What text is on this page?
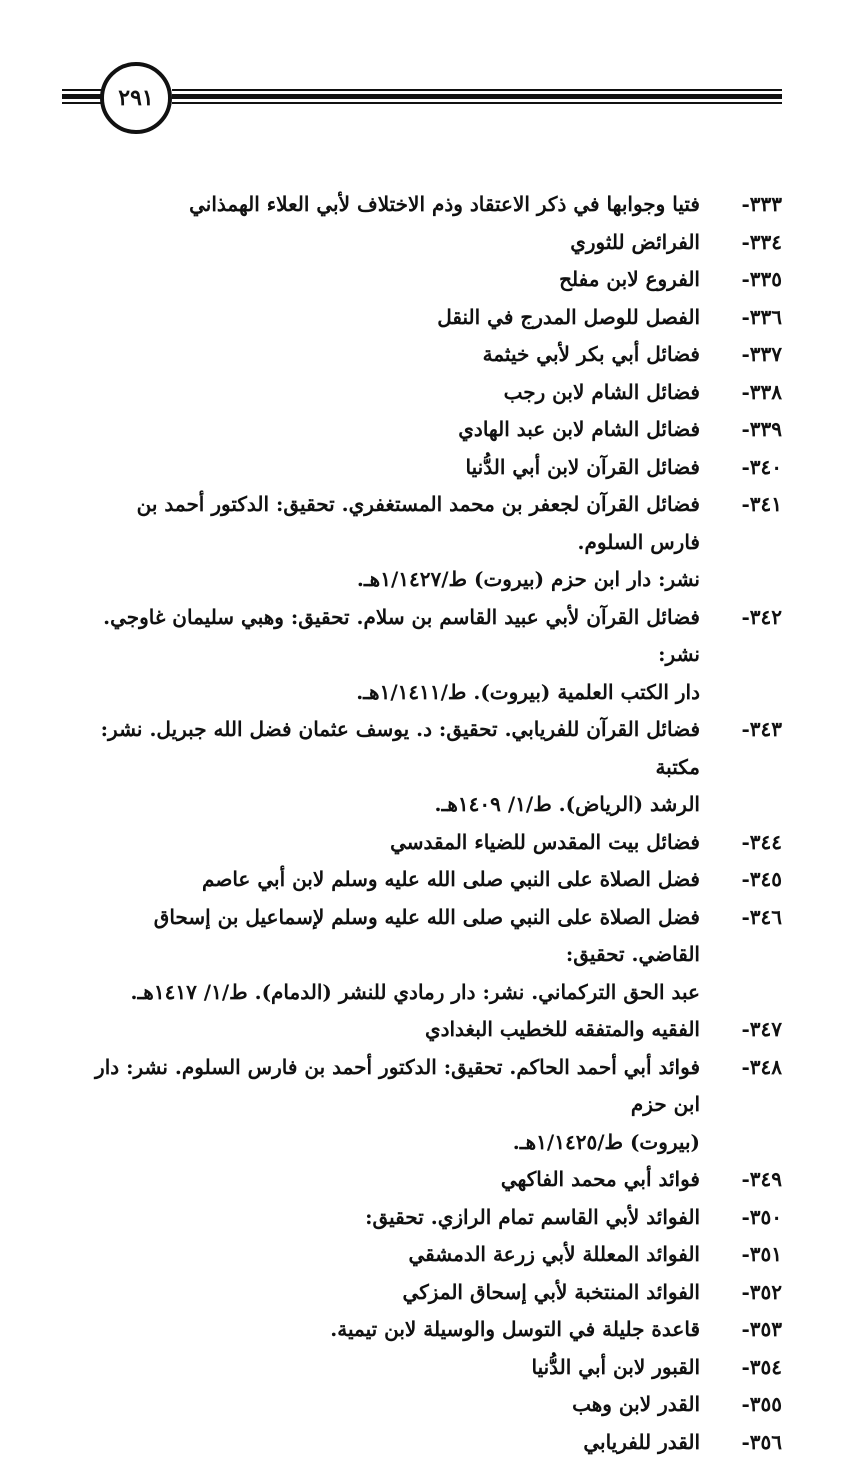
٢٩١
٣٣٣-
فتيا وجوابها في ذكر الاعتقاد وذم الاختلاف لأبي العلاء الهمذاني
٣٣٤-
الفرائض للثوري
٣٣٥-
الفروع لابن مفلح
٣٣٦-
الفصل للوصل المدرج في النقل
٣٣٧-
فضائل أبي بكر لأبي خيثمة
٣٣٨-
فضائل الشام لابن رجب
٣٣٩-
فضائل الشام لابن عبد الهادي
٣٤٠-
فضائل القرآن لابن أبي الدُّنيا
٣٤١-
فضائل القرآن لجعفر بن محمد المستغفري. تحقيق: الدكتور أحمد بن فارس السلوم.
نشر: دار ابن حزم (بيروت) ط/١/١٤٢٧هـ.
٣٤٢-
فضائل القرآن لأبي عبيد القاسم بن سلام. تحقيق: وهبي سليمان غاوجي. نشر:
دار الكتب العلمية (بيروت). ط/١/١٤١١هـ.
٣٤٣-
فضائل القرآن للفريابي. تحقيق: د. يوسف عثمان فضل الله جبريل. نشر: مكتبة
الرشد (الرياض). ط/١/ ١٤٠٩هـ.
٣٤٤-
فضائل بيت المقدس للضياء المقدسي
٣٤٥-
فضل الصلاة على النبي صلى الله عليه وسلم لابن أبي عاصم
٣٤٦-
فضل الصلاة على النبي صلى الله عليه وسلم لإسماعيل بن إسحاق القاضي. تحقيق:
عبد الحق التركماني. نشر: دار رمادي للنشر (الدمام). ط/١/ ١٤١٧هـ.
٣٤٧-
الفقيه والمتفقه للخطيب البغدادي
٣٤٨-
فوائد أبي أحمد الحاكم. تحقيق: الدكتور أحمد بن فارس السلوم. نشر: دار ابن حزم
(بيروت) ط/١/١٤٢٥هـ.
٣٤٩-
فوائد أبي محمد الفاكهي
٣٥٠-
الفوائد لأبي القاسم تمام الرازي. تحقيق:
٣٥١-
الفوائد المعللة لأبي زرعة الدمشقي
٣٥٢-
الفوائد المنتخبة لأبي إسحاق المزكي
٣٥٣-
قاعدة جليلة في التوسل والوسيلة لابن تيمية.
٣٥٤-
القبور لابن أبي الدُّنيا
٣٥٥-
القدر لابن وهب
٣٥٦-
القدر للفريابي
